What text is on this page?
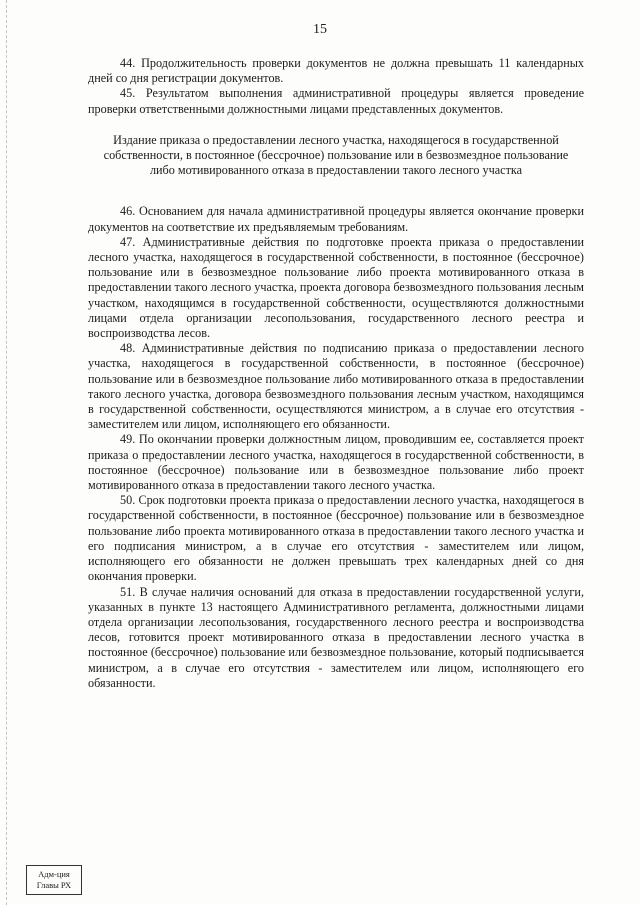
15

44. Продолжительность проверки документов не должна превышать 11 календарных дней со дня регистрации документов.

45. Результатом выполнения административной процедуры является проведение проверки ответственными должностными лицами представленных документов.

Издание приказа о предоставлении лесного участка, находящегося в государственной собственности, в постоянное (бессрочное) пользование или в безвозмездное пользование либо мотивированного отказа в предоставлении такого лесного участка

46. Основанием для начала административной процедуры является окончание проверки документов на соответствие их предъявляемым требованиям.

47. Административные действия по подготовке проекта приказа о предоставлении лесного участка, находящегося в государственной собственности, в постоянное (бессрочное) пользование или в безвозмездное пользование либо проекта мотивированного отказа в предоставлении такого лесного участка, проекта договора безвозмездного пользования лесным участком, находящимся в государственной собственности, осуществляются должностными лицами отдела организации лесопользования, государственного лесного реестра и воспроизводства лесов.

48. Административные действия по подписанию приказа о предоставлении лесного участка, находящегося в государственной собственности, в постоянное (бессрочное) пользование или в безвозмездное пользование либо мотивированного отказа в предоставлении такого лесного участка, договора безвозмездного пользования лесным участком, находящимся в государственной собственности, осуществляются министром, а в случае его отсутствия - заместителем или лицом, исполняющего его обязанности.

49. По окончании проверки должностным лицом, проводившим ее, составляется проект приказа о предоставлении лесного участка, находящегося в государственной собственности, в постоянное (бессрочное) пользование или в безвозмездное пользование либо проект мотивированного отказа в предоставлении такого лесного участка.

50. Срок подготовки проекта приказа о предоставлении лесного участка, находящегося в государственной собственности, в постоянное (бессрочное) пользование или в безвозмездное пользование либо проекта мотивированного отказа в предоставлении такого лесного участка и его подписания министром, а в случае его отсутствия - заместителем или лицом, исполняющего его обязанности не должен превышать трех календарных дней со дня окончания проверки.

51. В случае наличия оснований для отказа в предоставлении государственной услуги, указанных в пункте 13 настоящего Административного регламента, должностными лицами отдела организации лесопользования, государственного лесного реестра и воспроизводства лесов, готовится проект мотивированного отказа в предоставлении лесного участка в постоянное (бессрочное) пользование или безвозмездное пользование, который подписывается министром, а в случае его отсутствия - заместителем или лицом, исполняющего его обязанности.

Адм-ция
Главы РХ
